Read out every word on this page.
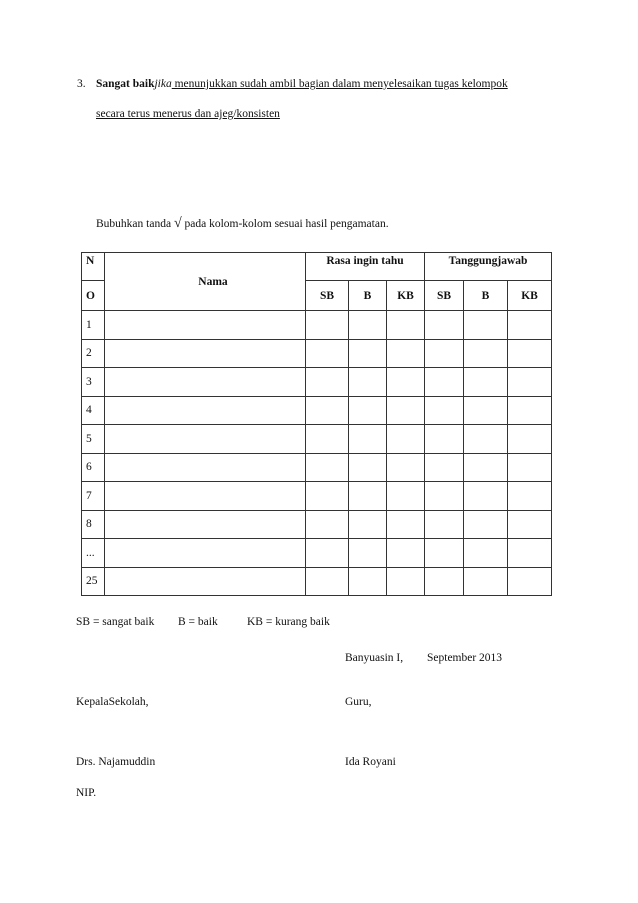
3. Sangat baikjika menunjukkan sudah ambil bagian dalam menyelesaikan tugas kelompok
secara terus menerus dan ajeg/konsisten
Bubuhkan tanda √ pada kolom-kolom sesuai hasil pengamatan.
N	Nama	Rasa ingin tahu			Tanggungjawab		
O		SB	B	KB	SB	B	KB
1							
2							
3							
4							
5							
6							
7							
8							
...							
25							
SB = sangat baik B = baik	KB = kurang baik
Banyuasin I, September 2013
KepalaSekolah,	Guru,
Drs. Najamuddin	Ida Royani
NIP.
